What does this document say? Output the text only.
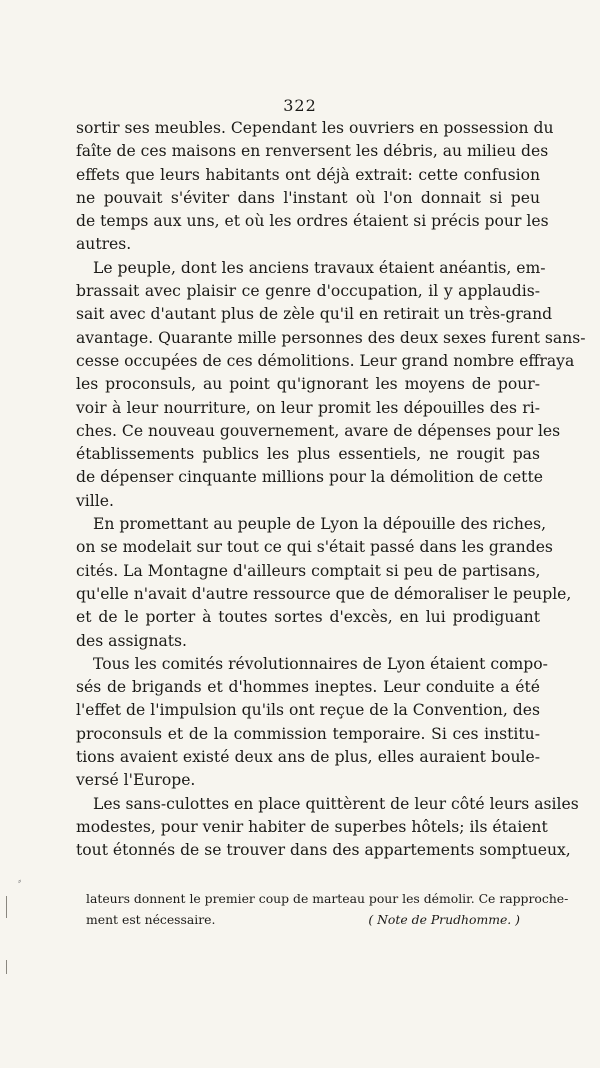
322
sortir ses meubles. Cependant les ouvriers en possession du
faîte de ces maisons en renversent les débris, au milieu des
effets que leurs habitants ont déjà extrait: cette confusion
ne pouvait s'éviter dans l'instant où l'on donnait si peu
de temps aux uns, et où les ordres étaient si précis pour les
autres.
Le peuple, dont les anciens travaux étaient anéantis, em-
brassait avec plaisir ce genre d'occupation, il y applaudis-
sait avec d'autant plus de zèle qu'il en retirait un très-grand
avantage. Quarante mille personnes des deux sexes furent sans-
cesse occupées de ces démolitions. Leur grand nombre effraya
les proconsuls, au point qu'ignorant les moyens de pour-
voir à leur nourriture, on leur promit les dépouilles des ri-
ches. Ce nouveau gouvernement, avare de dépenses pour les
établissements publics les plus essentiels, ne rougit pas
de dépenser cinquante millions pour la démolition de cette
ville.
En promettant au peuple de Lyon la dépouille des riches,
on se modelait sur tout ce qui s'était passé dans les grandes
cités. La Montagne d'ailleurs comptait si peu de partisans,
qu'elle n'avait d'autre ressource que de démoraliser le peuple,
et de le porter à toutes sortes d'excès, en lui prodiguant
des assignats.
Tous les comités révolutionnaires de Lyon étaient compo-
sés de brigands et d'hommes ineptes. Leur conduite a été
l'effet de l'impulsion qu'ils ont reçue de la Convention, des
proconsuls et de la commission temporaire. Si ces institu-
tions avaient existé deux ans de plus, elles auraient boule-
versé l'Europe.
Les sans-culottes en place quittèrent de leur côté leurs asiles
modestes, pour venir habiter de superbes hôtels; ils étaient
tout étonnés de se trouver dans des appartements somptueux,
⸗
lateurs donnent le premier coup de marteau pour les démolir. Ce rapproche-
ment est nécessaire.	( Note de Prudhomme. )
